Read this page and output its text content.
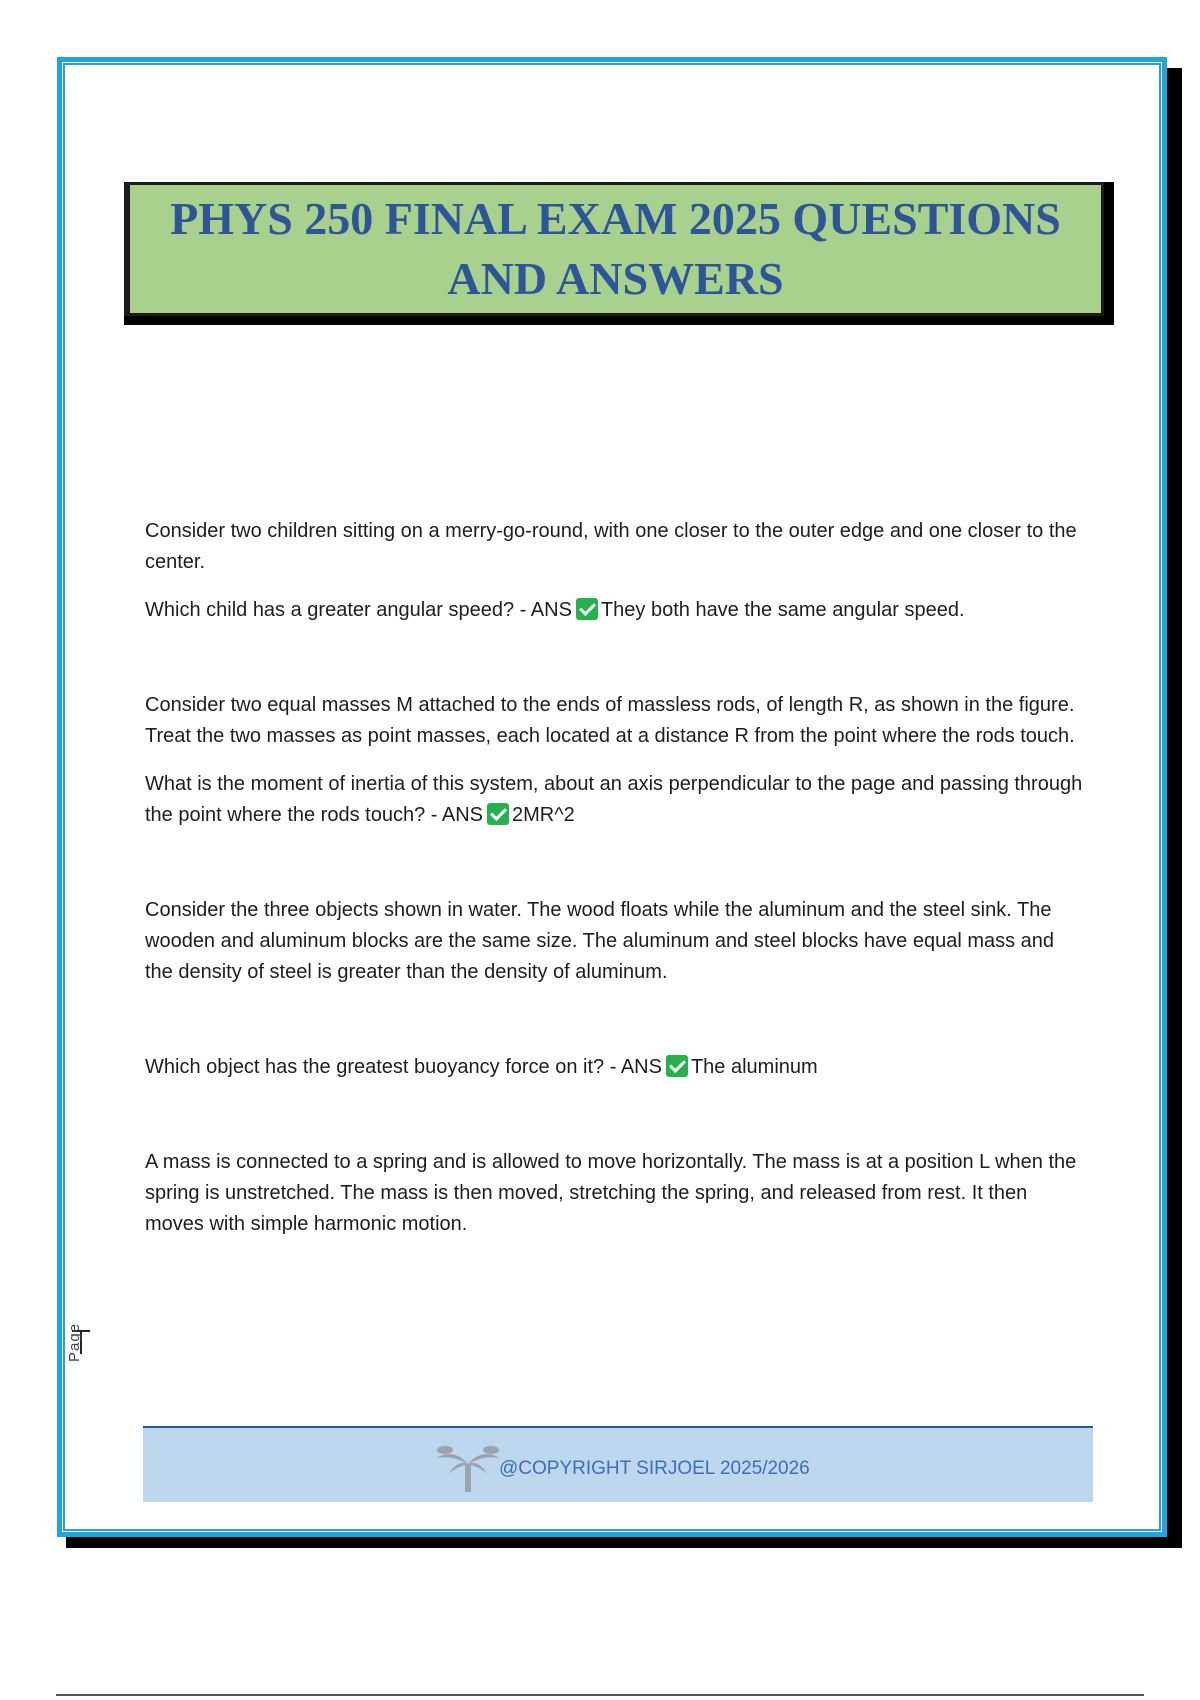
PHYS 250 FINAL EXAM 2025 QUESTIONS AND ANSWERS

Consider two children sitting on a merry-go-round, with one closer to the outer edge and one closer to the center.

Which child has a greater angular speed? - ANS They both have the same angular speed.

Consider two equal masses M attached to the ends of massless rods, of length R, as shown in the figure. Treat the two masses as point masses, each located at a distance R from the point where the rods touch.

What is the moment of inertia of this system, about an axis perpendicular to the page and passing through the point where the rods touch? - ANS 2MR^2

Consider the three objects shown in water. The wood floats while the aluminum and the steel sink. The wooden and aluminum blocks are the same size. The aluminum and steel blocks have equal mass and the density of steel is greater than the density of aluminum.

Which object has the greatest buoyancy force on it? - ANS The aluminum

A mass is connected to a spring and is allowed to move horizontally. The mass is at a position L when the spring is unstretched. The mass is then moved, stretching the spring, and released from rest. It then moves with simple harmonic motion.

Page
@COPYRIGHT SIRJOEL 2025/2026
